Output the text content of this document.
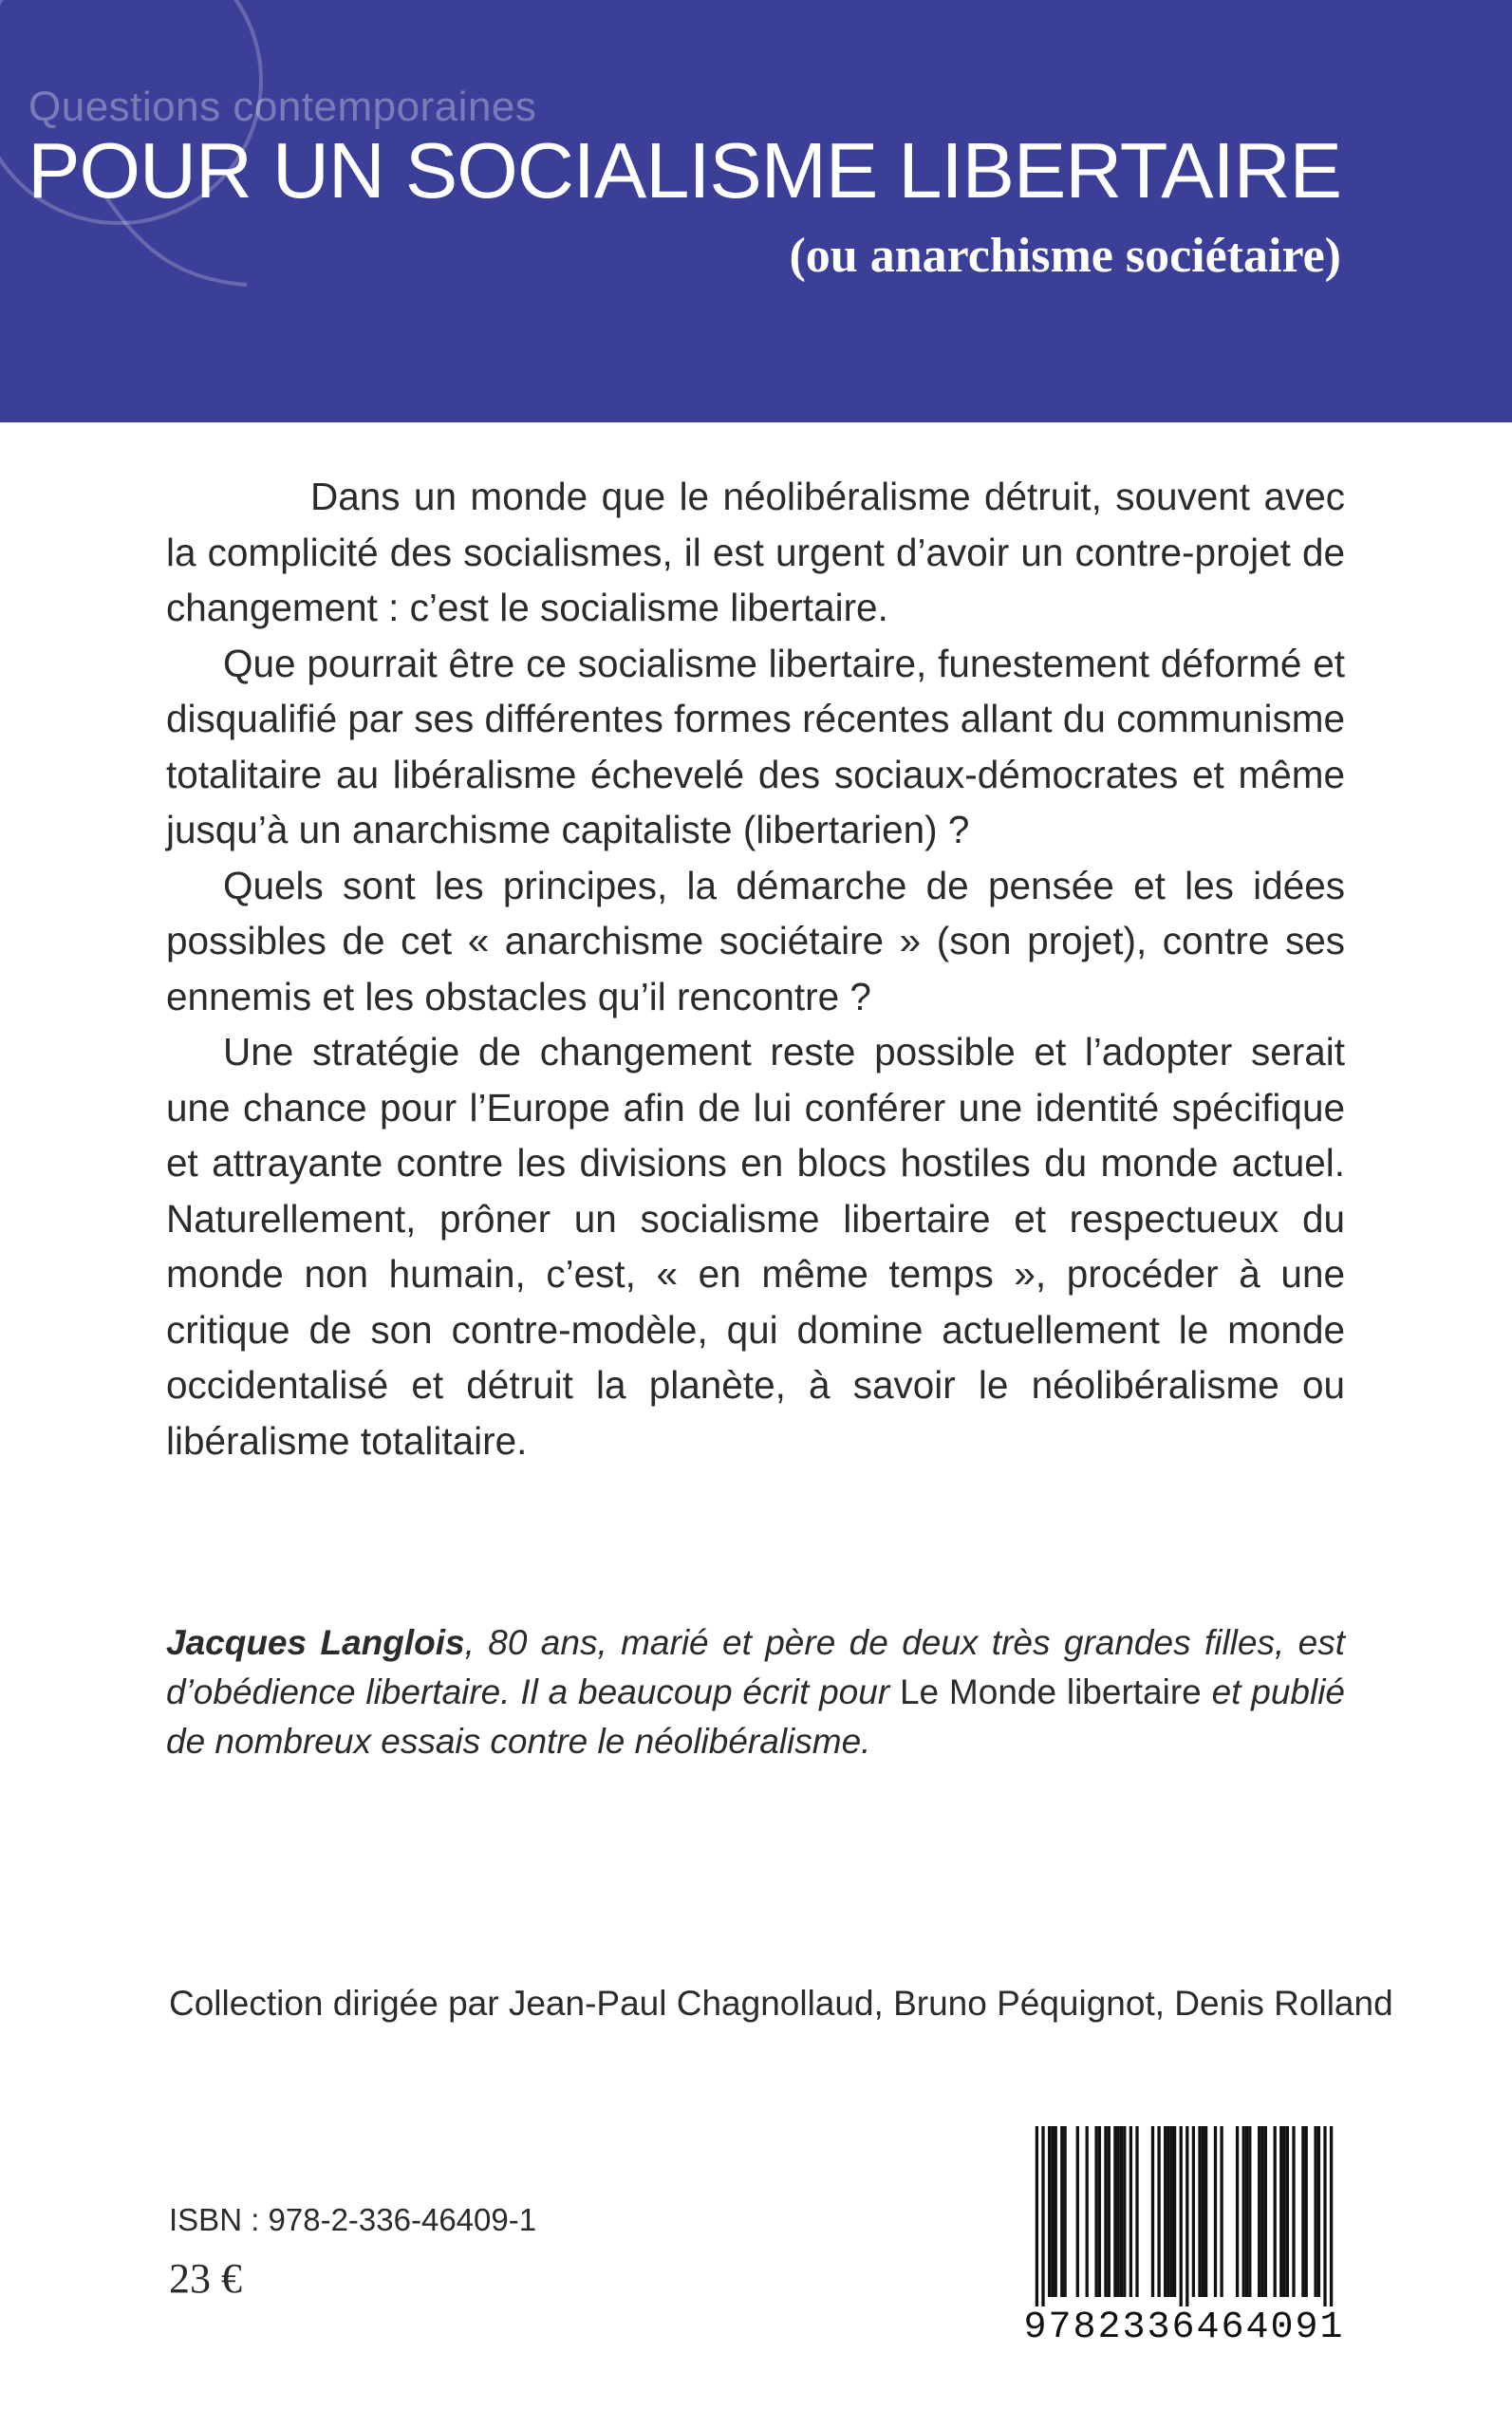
Questions contemporaines
POUR UN SOCIALISME LIBERTAIRE
(ou anarchisme sociétaire)

Dans un monde que le néolibéralisme détruit, souvent avec la complicité des socialismes, il est urgent d’avoir un contre-projet de changement : c’est le socialisme libertaire.

Que pourrait être ce socialisme libertaire, funestement déformé et disqualifié par ses différentes formes récentes allant du communisme totalitaire au libéralisme échevelé des sociaux-démocrates et même jusqu’à un anarchisme capitaliste (libertarien) ?

Quels sont les principes, la démarche de pensée et les idées possibles de cet « anarchisme sociétaire » (son projet), contre ses ennemis et les obstacles qu’il rencontre ?

Une stratégie de changement reste possible et l’adopter serait une chance pour l’Europe afin de lui conférer une identité spécifique et attrayante contre les divisions en blocs hostiles du monde actuel. Naturellement, prôner un socialisme libertaire et respectueux du monde non humain, c’est, « en même temps », procéder à une critique de son contre-modèle, qui domine actuellement le monde occidentalisé et détruit la planète, à savoir le néolibéralisme ou libéralisme totalitaire.

Jacques Langlois, 80 ans, marié et père de deux très grandes filles, est d’obédience libertaire. Il a beaucoup écrit pour Le Monde libertaire et publié de nombreux essais contre le néolibéralisme.

Collection dirigée par Jean-Paul Chagnollaud, Bruno Péquignot, Denis Rolland

ISBN : 978-2-336-46409-1
23 €
9782336464091
